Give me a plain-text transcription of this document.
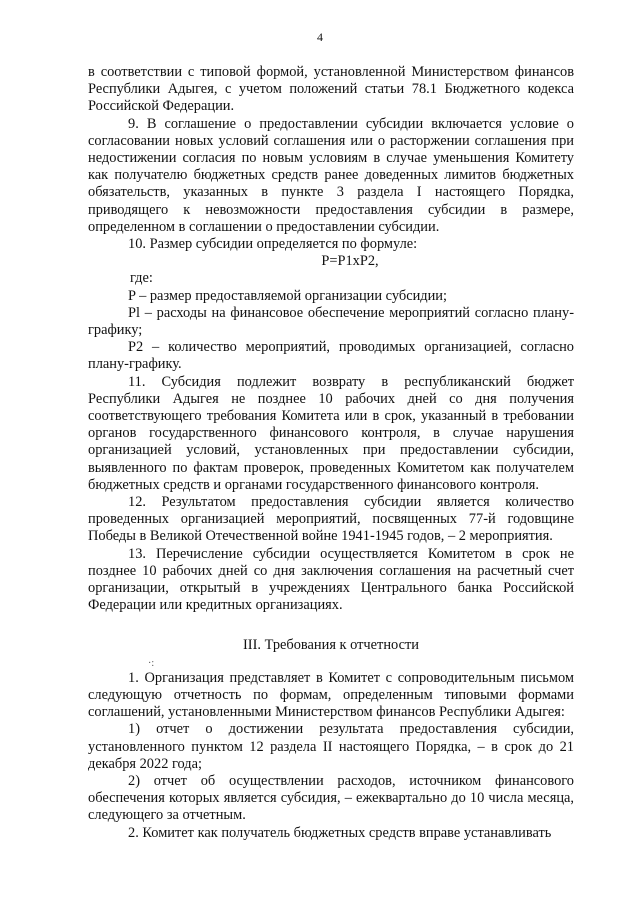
4

в соответствии с типовой формой, установленной Министерством финансов Республики Адыгея, с учетом положений статьи 78.1 Бюджетного кодекса Российской Федерации.

9. В соглашение о предоставлении субсидии включается условие о согласовании новых условий соглашения или о расторжении соглашения при недостижении согласия по новым условиям в случае уменьшения Комитету как получателю бюджетных средств ранее доведенных лимитов бюджетных обязательств, указанных в пункте 3 раздела I настоящего Порядка, приводящего к невозможности предоставления субсидии в размере, определенном в соглашении о предоставлении субсидии.

10. Размер субсидии определяется по формуле:

P=P1xP2,
где:

P – размер предоставляемой организации субсидии;

Pl – расходы на финансовое обеспечение мероприятий согласно плану-графику;

P2 – количество мероприятий, проводимых организацией, согласно плану-графику.

11. Субсидия подлежит возврату в республиканский бюджет Республики Адыгея не позднее 10 рабочих дней со дня получения соответствующего требования Комитета или в срок, указанный в требовании органов государственного финансового контроля, в случае нарушения организацией условий, установленных при предоставлении субсидии, выявленного по фактам проверок, проведенных Комитетом как получателем бюджетных средств и органами государственного финансового контроля.

12. Результатом предоставления субсидии является количество проведенных организацией мероприятий, посвященных 77-й годовщине Победы в Великой Отечественной войне 1941-1945 годов, – 2 мероприятия.

13. Перечисление субсидии осуществляется Комитетом в срок не позднее 10 рабочих дней со дня заключения соглашения на расчетный счет организации, открытый в учреждениях Центрального банка Российской Федерации или кредитных организациях.

III. Требования к отчетности
·:

1. Организация представляет в Комитет с сопроводительным письмом следующую отчетность по формам, определенным типовыми формами соглашений, установленными Министерством финансов Республики Адыгея:

1) отчет о достижении результата предоставления субсидии, установленного пунктом 12 раздела II настоящего Порядка, – в срок до 21 декабря 2022 года;

2) отчет об осуществлении расходов, источником финансового обеспечения которых является субсидия, – ежеквартально до 10 числа месяца, следующего за отчетным.

2. Комитет как получатель бюджетных средств вправе устанавливать
